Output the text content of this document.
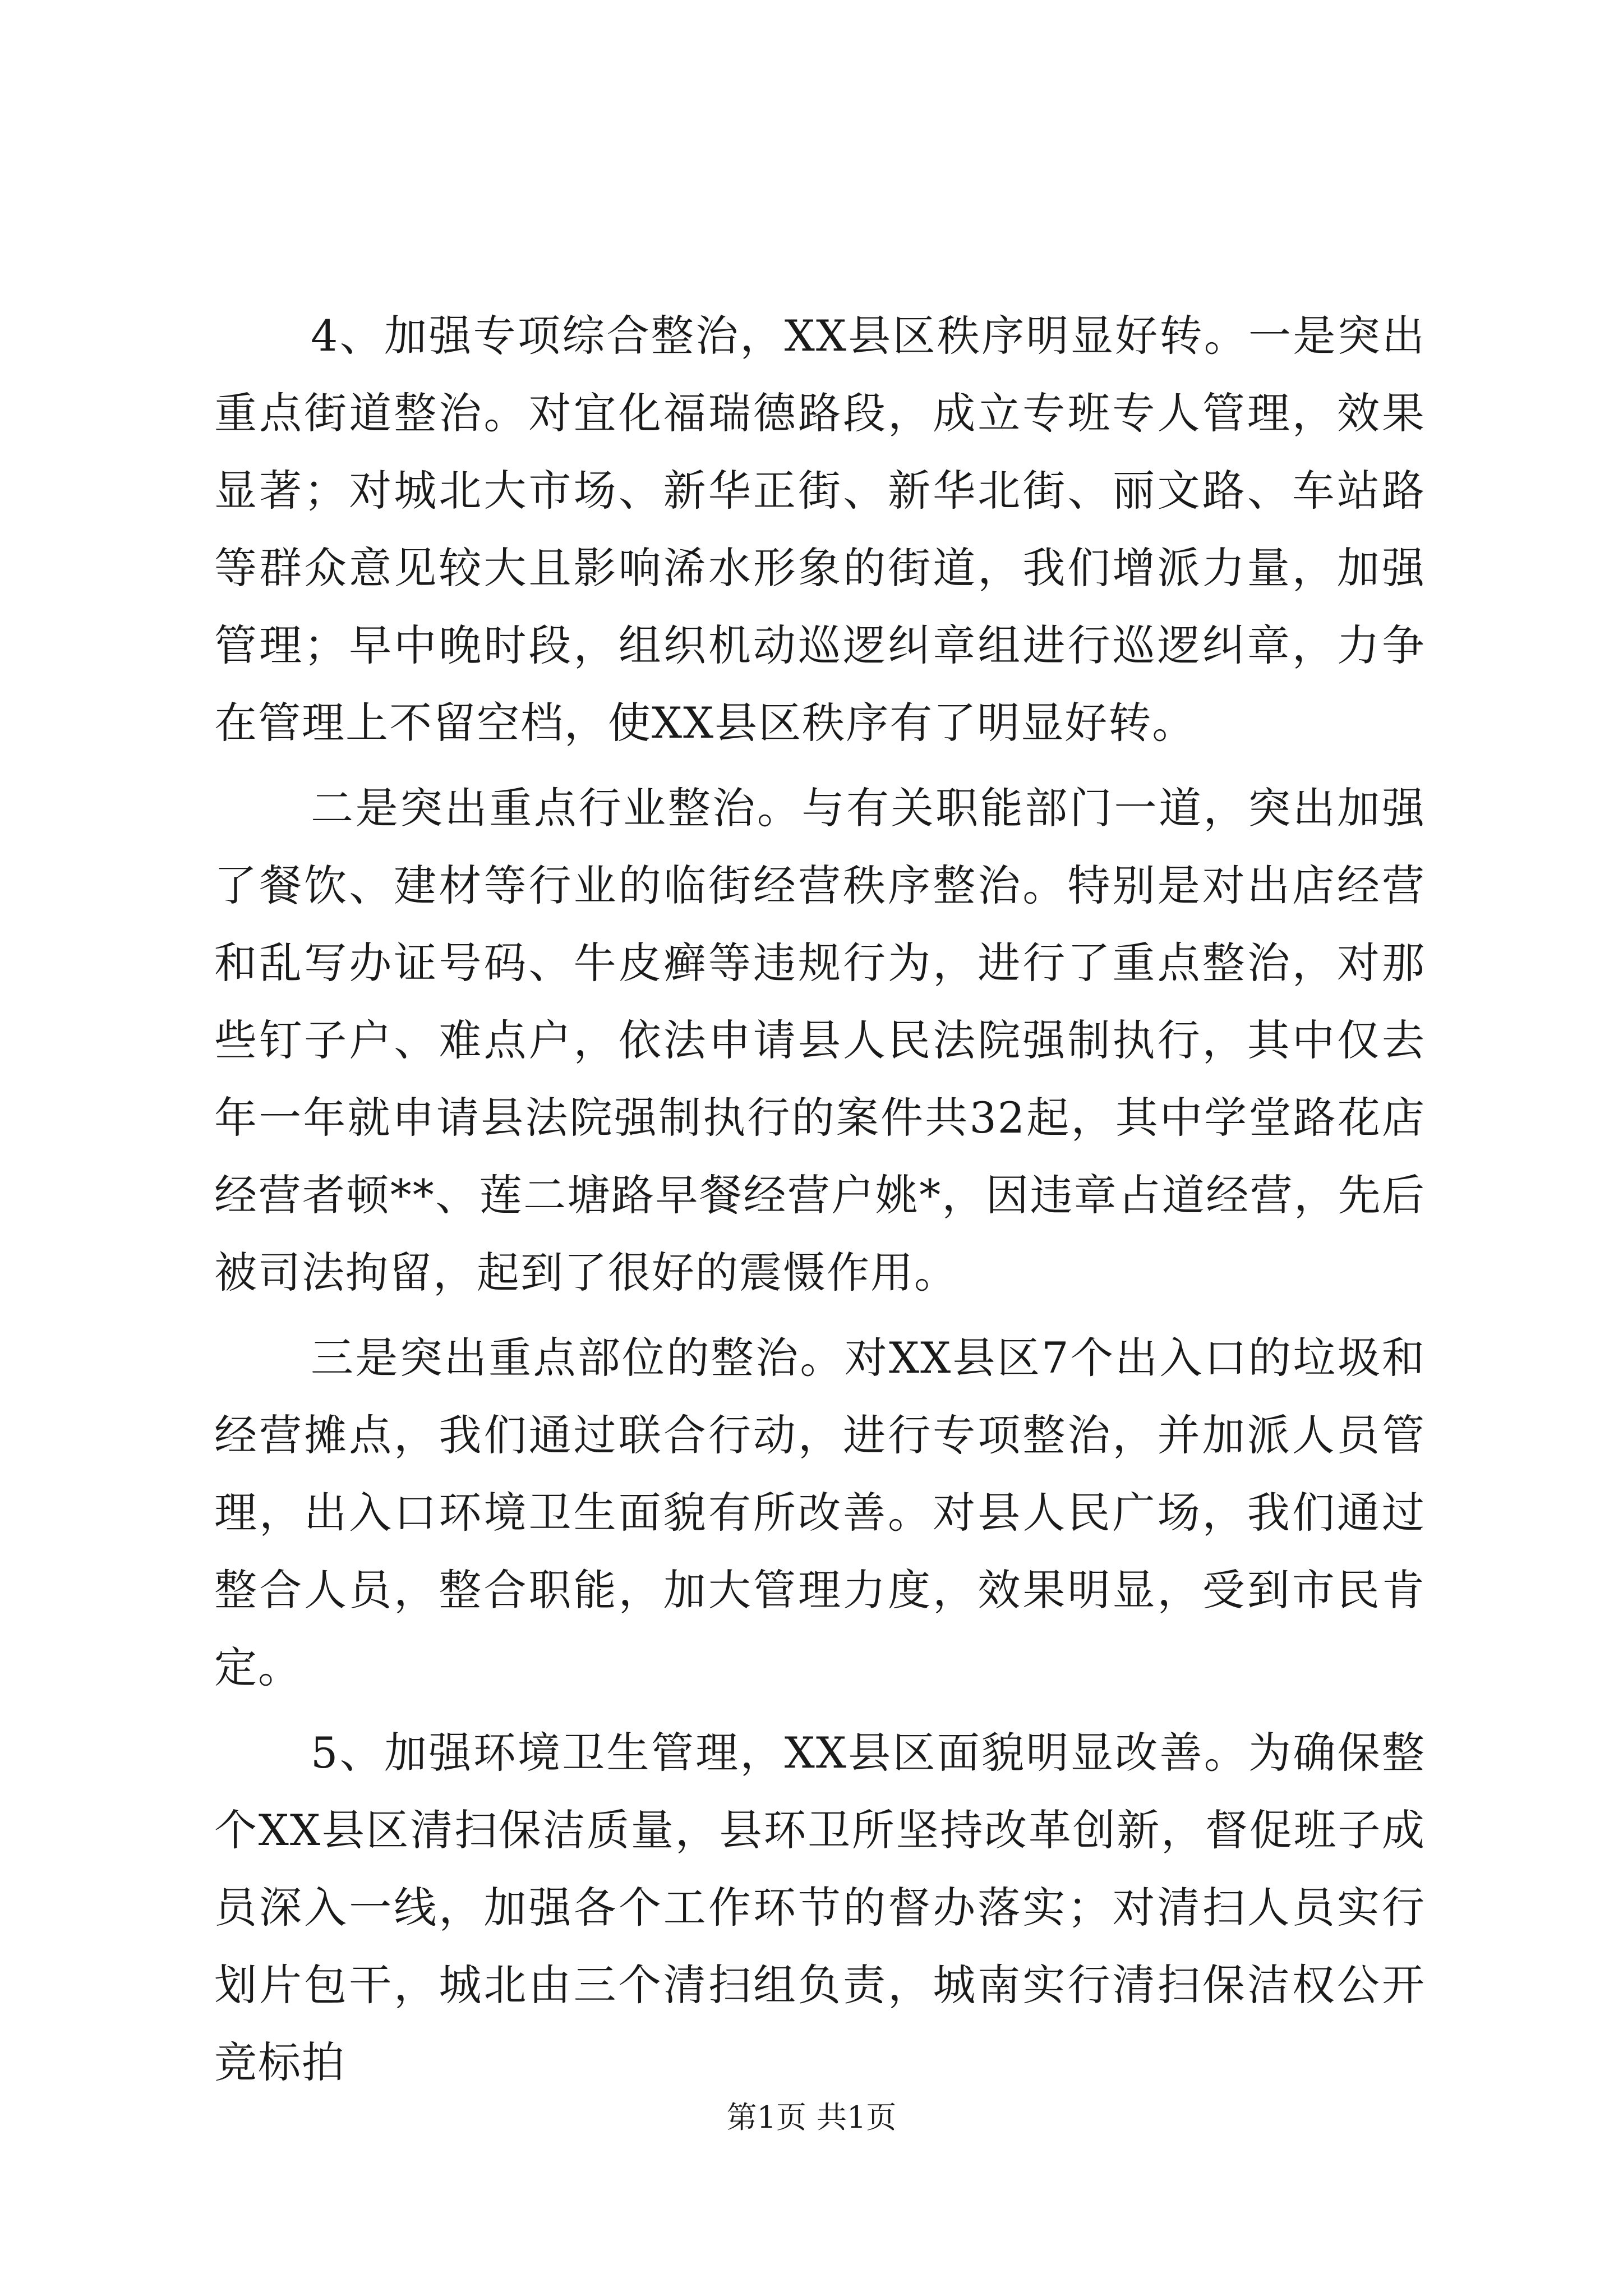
4、加强专项综合整治，XX县区秩序明显好转。一是突出重点街道整治。对宜化福瑞德路段，成立专班专人管理，效果显著；对城北大市场、新华正街、新华北街、丽文路、车站路等群众意见较大且影响浠水形象的街道，我们增派力量，加强管理；早中晚时段，组织机动巡逻纠章组进行巡逻纠章，力争在管理上不留空档，使XX县区秩序有了明显好转。

二是突出重点行业整治。与有关职能部门一道，突出加强了餐饮、建材等行业的临街经营秩序整治。特别是对出店经营和乱写办证号码、牛皮癣等违规行为，进行了重点整治，对那些钉子户、难点户，依法申请县人民法院强制执行，其中仅去年一年就申请县法院强制执行的案件共32起，其中学堂路花店经营者顿**、莲二塘路早餐经营户姚*，因违章占道经营，先后被司法拘留，起到了很好的震慑作用。

三是突出重点部位的整治。对XX县区7个出入口的垃圾和经营摊点，我们通过联合行动，进行专项整治，并加派人员管理，出入口环境卫生面貌有所改善。对县人民广场，我们通过整合人员，整合职能，加大管理力度，效果明显，受到市民肯定。

5、加强环境卫生管理，XX县区面貌明显改善。为确保整个XX县区清扫保洁质量，县环卫所坚持改革创新，督促班子成员深入一线，加强各个工作环节的督办落实；对清扫人员实行划片包干，城北由三个清扫组负责，城南实行清扫保洁权公开竞标拍

第1页 共1页
